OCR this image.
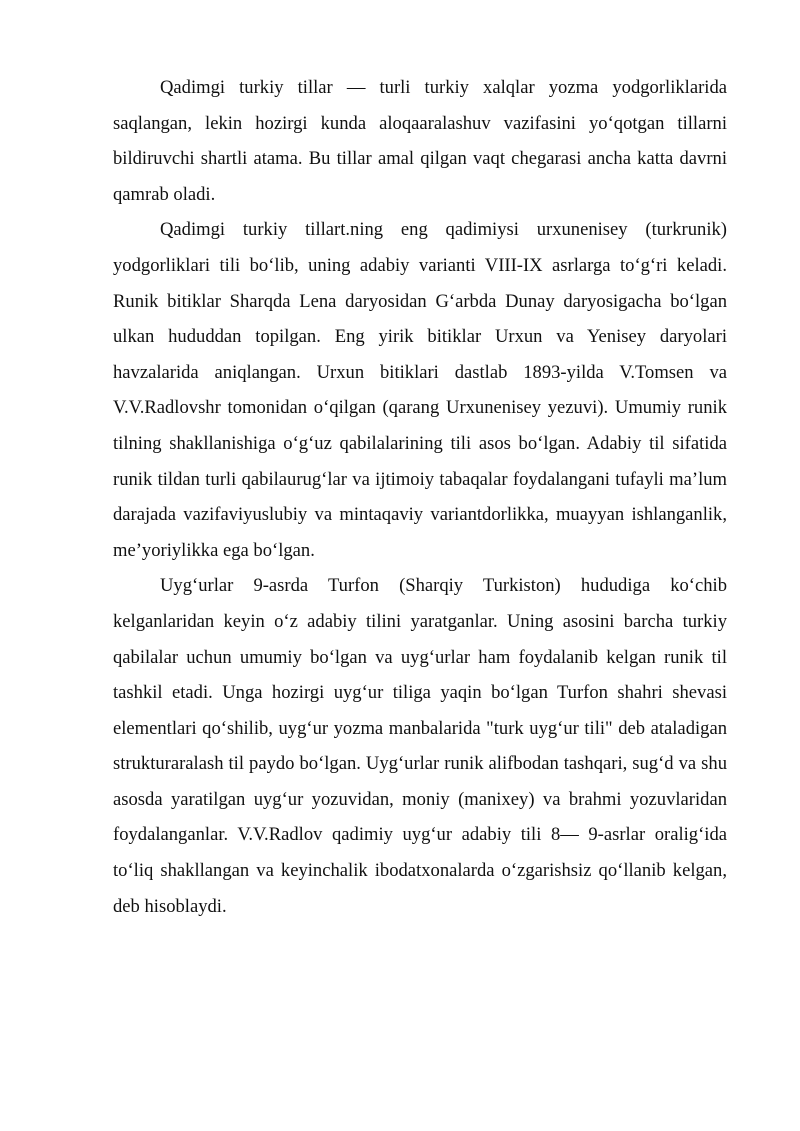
Qadimgi turkiy tillar — turli turkiy xalqlar yozma yodgorliklarida saqlangan, lekin hozirgi kunda aloqaaralashuv vazifasini yo‘qotgan tillarni bildiruvchi shartli atama. Bu tillar amal qilgan vaqt chegarasi ancha katta davrni qamrab oladi.

Qadimgi turkiy tillart.ning eng qadimiysi urxunenisey (turkrunik) yodgorliklari tili bo‘lib, uning adabiy varianti VIII-IX asrlarga to‘g‘ri keladi. Runik bitiklar Sharqda Lena daryosidan G‘arbda Dunay daryosigacha bo‘lgan ulkan hududdan topilgan. Eng yirik bitiklar Urxun va Yenisey daryolari havzalarida aniqlangan. Urxun bitiklari dastlab 1893-yilda V.Tomsen va V.V.Radlovshr tomonidan o‘qilgan (qarang Urxunenisey yezuvi). Umumiy runik tilning shakllanishiga o‘g‘uz qabilalarining tili asos bo‘lgan. Adabiy til sifatida runik tildan turli qabilaurug‘lar va ijtimoiy tabaqalar foydalangani tufayli ma’lum darajada vazifaviyuslubiy va mintaqaviy variantdorlikka, muayyan ishlanganlik, me’yoriylikka ega bo‘lgan.

Uyg‘urlar 9-asrda Turfon (Sharqiy Turkiston) hududiga ko‘chib kelganlaridan keyin o‘z adabiy tilini yaratganlar. Uning asosini barcha turkiy qabilalar uchun umumiy bo‘lgan va uyg‘urlar ham foydalanib kelgan runik til tashkil etadi. Unga hozirgi uyg‘ur tiliga yaqin bo‘lgan Turfon shahri shevasi elementlari qo‘shilib, uyg‘ur yozma manbalarida "turk uyg‘ur tili" deb ataladigan strukturaralash til paydo bo‘lgan. Uyg‘urlar runik alifbodan tashqari, sug‘d va shu asosda yaratilgan uyg‘ur yozuvidan, moniy (manixey) va brahmi yozuvlaridan foydalanganlar. V.V.Radlov qadimiy uyg‘ur adabiy tili 8— 9-asrlar oralig‘ida to‘liq shakllangan va keyinchalik ibodatxonalarda o‘zgarishsiz qo‘llanib kelgan, deb hisoblaydi.
